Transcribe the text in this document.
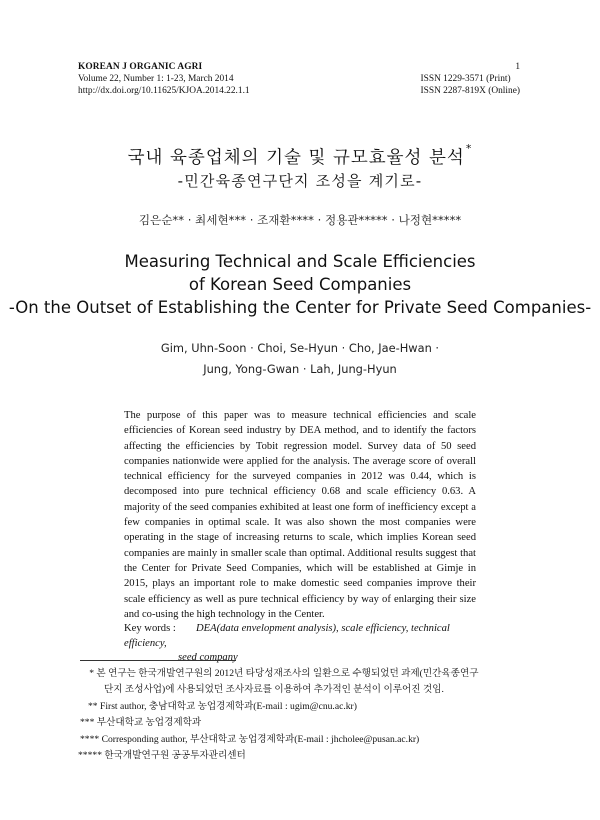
KOREAN J ORGANIC AGRI
Volume 22, Number 1: 1-23, March 2014
http://dx.doi.org/10.11625/KJOA.2014.22.1.1
1
ISSN 1229-3571 (Print)
ISSN 2287-819X (Online)
국내 육종업체의 기술 및 규모효율성 분석*
-민간육종연구단지 조성을 계기로-
김은순** · 최세현*** · 조재환**** · 정용관***** · 나정현*****
Measuring Technical and Scale Efficiencies
of Korean Seed Companies
-On the Outset of Establishing the Center for Private Seed Companies-
Gim, Uhn-Soon · Choi, Se-Hyun · Cho, Jae-Hwan ·
Jung, Yong-Gwan · Lah, Jung-Hyun
The purpose of this paper was to measure technical efficiencies and scale efficiencies of Korean seed industry by DEA method, and to identify the factors affecting the efficiencies by Tobit regression model. Survey data of 50 seed companies nationwide were applied for the analysis. The average score of overall technical efficiency for the surveyed companies in 2012 was 0.44, which is decomposed into pure technical efficiency 0.68 and scale efficiency 0.63. A majority of the seed companies exhibited at least one form of inefficiency except a few companies in optimal scale. It was also shown the most companies were operating in the stage of increasing returns to scale, which implies Korean seed companies are mainly in smaller scale than optimal. Additional results suggest that the Center for Private Seed Companies, which will be established at Gimje in 2015, plays an important role to make domestic seed companies improve their scale efficiency as well as pure technical efficiency by way of enlarging their size and co-using the high technology in the Center.
Key words : DEA(data envelopment analysis), scale efficiency, technical efficiency,
seed company
* 본 연구는 한국개발연구원의 2012년 타당성재조사의 일환으로 수행되었던 과제(민간육종연구
단지 조성사업)에 사용되었던 조사자료를 이용하여 추가적인 분석이 이루어진 것임.
** First author, 충남대학교 농업경제학과(E-mail : ugim@cnu.ac.kr)
*** 부산대학교 농업경제학과
**** Corresponding author, 부산대학교 농업경제학과(E-mail : jhcholee@pusan.ac.kr)
***** 한국개발연구원 공공투자관리센터
